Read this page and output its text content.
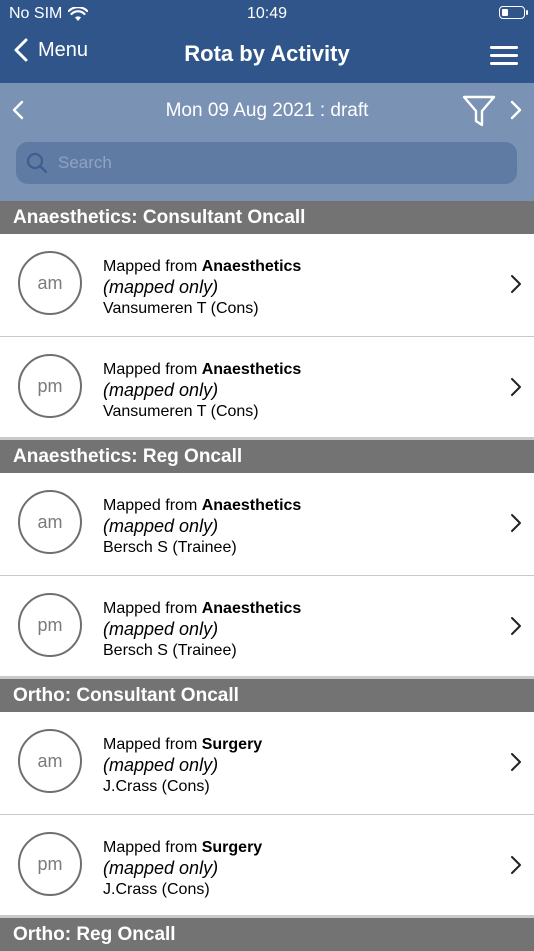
No SIM	10:49
Menu	Rota by Activity
Mon 09 Aug 2021 : draft
Search
Anaesthetics: Consultant Oncall
am
Mapped from Anaesthetics
(mapped only)
Vansumeren T (Cons)
pm
Mapped from Anaesthetics
(mapped only)
Vansumeren T (Cons)
Anaesthetics: Reg Oncall
am
Mapped from Anaesthetics
(mapped only)
Bersch S (Trainee)
pm
Mapped from Anaesthetics
(mapped only)
Bersch S (Trainee)
Ortho: Consultant Oncall
am
Mapped from Surgery
(mapped only)
J.Crass (Cons)
pm
Mapped from Surgery
(mapped only)
J.Crass (Cons)
Ortho: Reg Oncall
